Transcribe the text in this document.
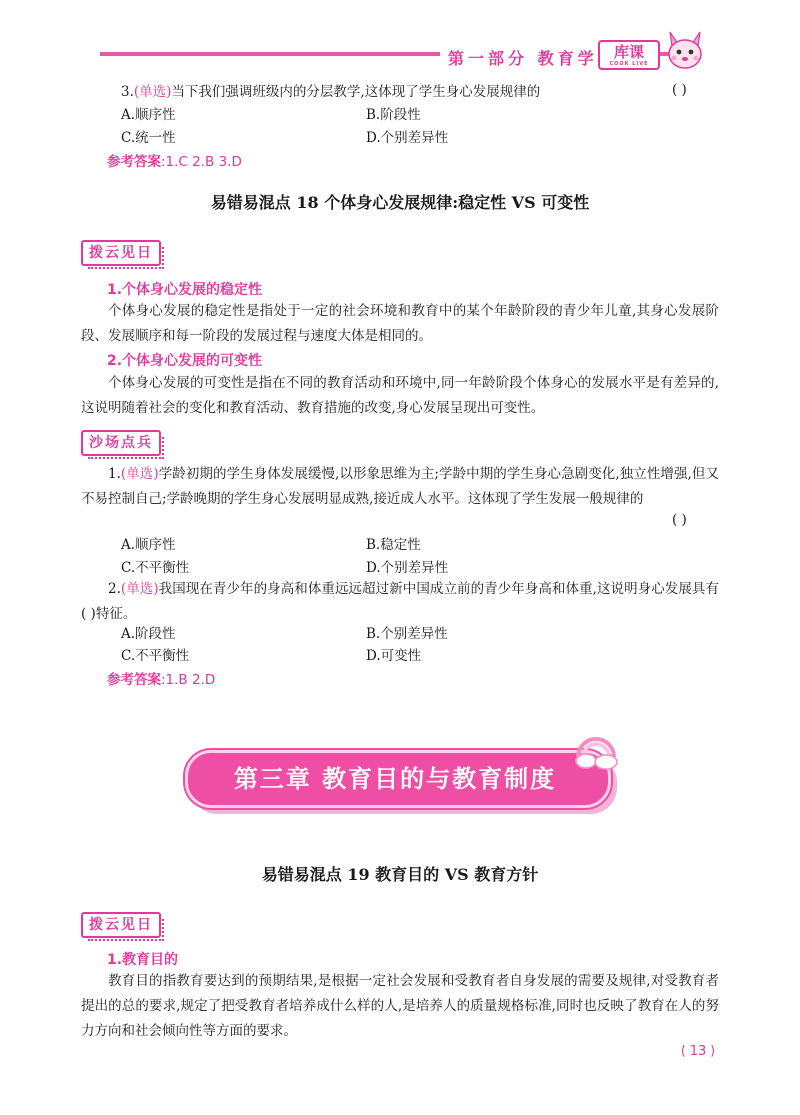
第一部分 教育学	库课
COOK LIVE
3.(单选)当下我们强调班级内的分层教学,这体现了学生身心发展规律的	( )
A.顺序性	B.阶段性
C.统一性	D.个别差异性
参考答案:1.C 2.B 3.D
易错易混点 18 个体身心发展规律:稳定性 VS 可变性
拨云见日
1.个体身心发展的稳定性
个体身心发展的稳定性是指处于一定的社会环境和教育中的某个年龄阶段的青少年儿童,其身心发展阶段、发展顺序和每一阶段的发展过程与速度大体是相同的。
2.个体身心发展的可变性
个体身心发展的可变性是指在不同的教育活动和环境中,同一年龄阶段个体身心的发展水平是有差异的,这说明随着社会的变化和教育活动、教育措施的改变,身心发展呈现出可变性。
沙场点兵
1.(单选)学龄初期的学生身体发展缓慢,以形象思维为主;学龄中期的学生身心急剧变化,独立性增强,但又不易控制自己;学龄晚期的学生身心发展明显成熟,接近成人水平。这体现了学生发展一般规律的
( )
A.顺序性	B.稳定性
C.不平衡性	D.个别差异性
2.(单选)我国现在青少年的身高和体重远远超过新中国成立前的青少年身高和体重,这说明身心发展具有( )特征。
A.阶段性	B.个别差异性
C.不平衡性	D.可变性
参考答案:1.B 2.D
第三章 教育目的与教育制度
易错易混点 19 教育目的 VS 教育方针
拨云见日
1.教育目的
教育目的指教育要达到的预期结果,是根据一定社会发展和受教育者自身发展的需要及规律,对受教育者提出的总的要求,规定了把受教育者培养成什么样的人,是培养人的质量规格标准,同时也反映了教育在人的努力方向和社会倾向性等方面的要求。
⟨ 13 ⟩
